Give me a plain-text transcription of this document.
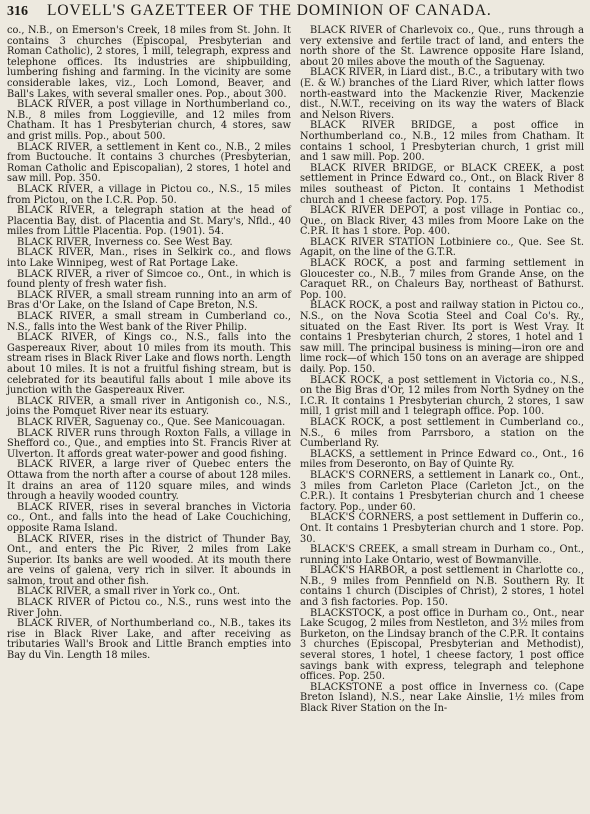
316	LOVELL'S GAZETTEER OF THE DOMINION OF CANADA.

co., N.B., on Emerson's Creek, 18 miles from St. John. It contains 3 churches (Episcopal, Presbyterian and Roman Catholic), 2 stores, 1 mill, telegraph, express and telephone offices. Its industries are shipbuilding, lumbering fishing and farming. In the vicinity are some considerable lakes, viz., Loch Lomond, Beaver, and Ball's Lakes, with several smaller ones. Pop., about 300.

BLACK RIVER, a post village in Northumberland co., N.B., 8 miles from Loggieville, and 12 miles from Chatham. It has 1 Presbyterian church, 4 stores, saw and grist mills. Pop., about 500.

BLACK RIVER, a settlement in Kent co., N.B., 2 miles from Buctouche. It contains 3 churches (Presbyterian, Roman Catholic and Episcopalian), 2 stores, 1 hotel and saw mill. Pop. 350.

BLACK RIVER, a village in Pictou co., N.S., 15 miles from Pictou, on the I.C.R. Pop. 50.

BLACK RIVER, a telegraph station at the head of Placentia Bay, dist. of Placentia and St. Mary's, Nfld., 40 miles from Little Placentia. Pop. (1901). 54.

BLACK RIVER, Inverness co. See West Bay.

BLACK RIVER, Man., rises in Selkirk co., and flows into Lake Winnipeg, west of Rat Portage Lake.

BLACK RIVER, a river of Simcoe co., Ont., in which is found plenty of fresh water fish.

BLACK RIVER, a small stream running into an arm of Bras d'Or Lake, on the Island of Cape Breton, N.S.

BLACK RIVER, a small stream in Cumberland co., N.S., falls into the West bank of the River Philip.

BLACK RIVER, of Kings co., N.S., falls into the Gaspereaux River, about 10 miles from its mouth. This stream rises in Black River Lake and flows north. Length about 10 miles. It is not a fruitful fishing stream, but is celebrated for its beautiful falls about 1 mile above its junction with the Gaspereaux River.

BLACK RIVER, a small river in Antigonish co., N.S., joins the Pomquet River near its estuary.

BLACK RIVER, Saguenay co., Que. See Manicouagan.

BLACK RIVER runs through Roxton Falls, a village in Shefford co., Que., and empties into St. Francis River at Ulverton. It affords great water-power and good fishing.

BLACK RIVER, a large river of Quebec enters the Ottawa from the north after a course of about 128 miles. It drains an area of 1120 square miles, and winds through a heavily wooded country.

BLACK RIVER, rises in several branches in Victoria co., Ont., and falls into the head of Lake Couchiching, opposite Rama Island.

BLACK RIVER, rises in the district of Thunder Bay, Ont., and enters the Pic River, 2 miles from Lake Superior. Its banks are well wooded. At its mouth there are veins of galena, very rich in silver. It abounds in salmon, trout and other fish.

BLACK RIVER, a small river in York co., Ont.

BLACK RIVER of Pictou co., N.S., runs west into the River John.

BLACK RIVER, of Northumberland co., N.B., takes its rise in Black River Lake, and after receiving as tributaries Wall's Brook and Little Branch empties into Bay du Vin. Length 18 miles.

BLACK RIVER of Charlevoix co., Que., runs through a very extensive and fertile tract of land, and enters the north shore of the St. Lawrence opposite Hare Island, about 20 miles above the mouth of the Saguenay.

BLACK RIVER, in Liard dist., B.C., a tributary with two (E. & W.) branches of the Liard River, which latter flows north-eastward into the Mackenzie River, Mackenzie dist., N.W.T., receiving on its way the waters of Black and Nelson Rivers.

BLACK RIVER BRIDGE, a post office in Northumberland co., N.B., 12 miles from Chatham. It contains 1 school, 1 Presbyterian church, 1 grist mill and 1 saw mill. Pop. 200.

BLACK RIVER BRIDGE, or BLACK CREEK, a post settlement in Prince Edward co., Ont., on Black River 8 miles southeast of Picton. It contains 1 Methodist church and 1 cheese factory. Pop. 175.

BLACK RIVER DEPOT, a post village in Pontiac co., Que., on Black River, 43 miles from Moore Lake on the C.P.R. It has 1 store. Pop. 400.

BLACK RIVER STATION Lotbiniere co., Que. See St. Agapit, on the line of the G.T.R.

BLACK ROCK, a post and farming settlement in Gloucester co., N.B., 7 miles from Grande Anse, on the Caraquet RR., on Chaleurs Bay, northeast of Bathurst. Pop. 100.

BLACK ROCK, a post and railway station in Pictou co., N.S., on the Nova Scotia Steel and Coal Co's. Ry., situated on the East River. Its port is West Vray. It contains 1 Presbyterian church, 2 stores, 1 hotel and 1 saw mill. The principal business is mining—iron ore and lime rock—of which 150 tons on an average are shipped daily. Pop. 150.

BLACK ROCK, a post settlement in Victoria co., N.S., on the Big Bras d'Or, 12 miles from North Sydney on the I.C.R. It contains 1 Presbyterian church, 2 stores, 1 saw mill, 1 grist mill and 1 telegraph office. Pop. 100.

BLACK ROCK, a post settlement in Cumberland co., N.S., 6 miles from Parrsboro, a station on the Cumberland Ry.

BLACKS, a settlement in Prince Edward co., Ont., 16 miles from Deseronto, on Bay of Quinte Ry.

BLACK'S CORNERS, a settlement in Lanark co., Ont., 3 miles from Carleton Place (Carleton Jct., on the C.P.R.). It contains 1 Presbyterian church and 1 cheese factory. Pop., under 60.

BLACK'S CORNERS, a post settlement in Dufferin co., Ont. It contains 1 Presbyterian church and 1 store. Pop. 30.

BLACK'S CREEK, a small stream in Durham co., Ont., running into Lake Ontario, west of Bowmanville.

BLACK'S HARBOR, a post settlement in Charlotte co., N.B., 9 miles from Pennfield on N.B. Southern Ry. It contains 1 church (Disciples of Christ), 2 stores, 1 hotel and 3 fish factories. Pop. 150.

BLACKSTOCK, a post office in Durham co., Ont., near Lake Scugog, 2 miles from Nestleton, and 3½ miles from Burketon, on the Lindsay branch of the C.P.R. It contains 3 churches (Episcopal, Presbyterian and Methodist), several stores, 1 hotel, 1 cheese factory, 1 post office savings bank with express, telegraph and telephone offices. Pop. 250.

BLACKSTONE a post office in Inverness co. (Cape Breton Island), N.S., near Lake Ainslie, 1½ miles from Black River Station on the In-
